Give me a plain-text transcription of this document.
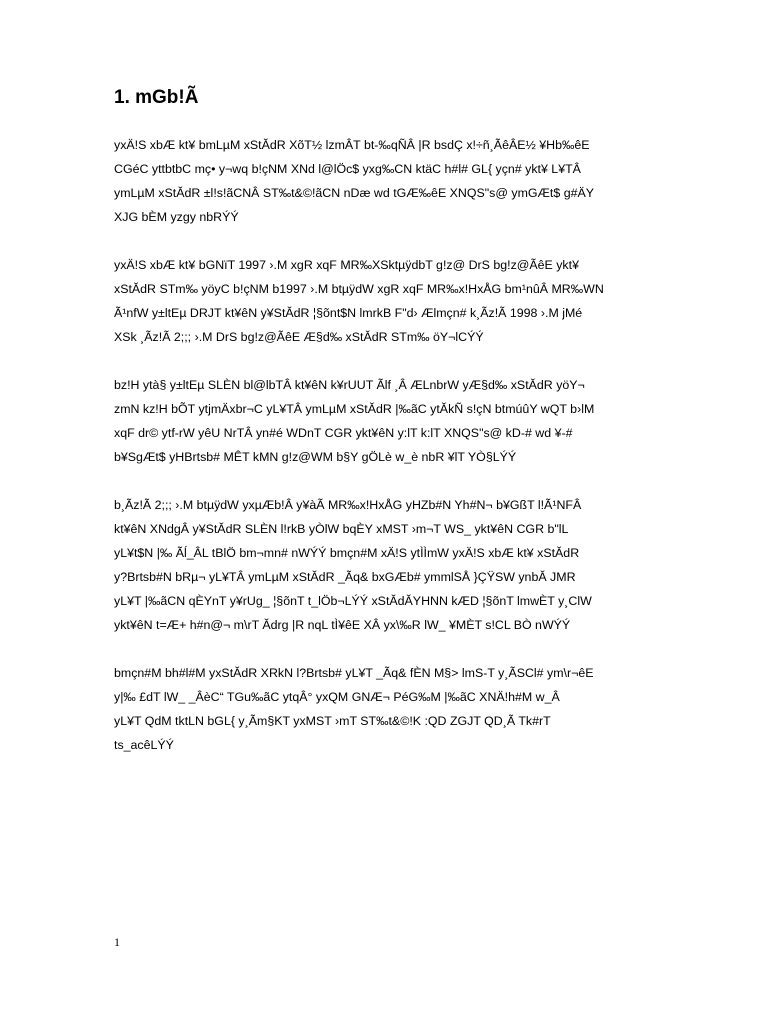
1. mGb!Ã

yxÄ!S xbÆ kt¥ bmLµM xStĂdR XõT½ lzmÂT bt-‰qÑÂ |R bsdÇ x!÷ñ¸ÃêÂE½ ¥Hb‰êE
CGéC yttbtbC mç• y¬wq b!çNM XNd l@lÖc$ yxg‰CN ktäC h#l# GL{ yçn# ykt¥ L¥TÂ
ymLµM xStĂdR ±l!s!ãCNÂ ST‰t&©!ãCN nDæ wd tGÆ‰êE XNQS"s@ ymGÆt$ g#ÄY
XJG bÈM yzgy nbRÝÝ

yxÄ!S xbÆ kt¥ bGNïT 1997 ›.M xgR xqF MR‰XSktµÿdbT g!z@ DrS bg!z@ÃêE ykt¥
xStĂdR STm‰ yöyC b!çNM b1997 ›.M btµÿdW xgR xqF MR‰x!HxÅG bm¹nûÂ MR‰WN
Ã¹nfW y±ltEµ DRJT kt¥êN y¥StĂdR ¦§õnt$N lmrkB F"d› Ælmçn# k¸Ãz!Ã 1998 ›.M jMé
XSk ¸Ãz!Ã 2;;; ›.M DrS bg!z@ÃêE Æ§d‰ xStĂdR STm‰ öY¬lCÝÝ

bz!H ytà§ y±ltEµ SLÈN bl@lbTÂ kt¥êN k¥rUUT Ãlf ¸Â ÆLnbrW yÆ§d‰ xStĂdR yöY¬
zmN kz!H bÕT ytjmÄxbr¬C yL¥TÂ ymLµM xStĂdR |‰ãC ytĂkÑ s!çN btmúûY wQT b›lM
xqF dr© ytf-rW yêU NrTÂ yn#é WDnT CGR ykt¥êN y:lT k:lT XNQS"s@ kD-# wd ¥-#
b¥SgÆt$ yHBrtsb# MÊT kMN g!z@WM b§Y gÖLè w_è nbR ¥lT YÒ§LÝÝ

b¸Ãz!Ã 2;;; ›.M btµÿdW yxµÆb!Â y¥àÃ MR‰x!HxÅG yHZb#N Yh#N¬ b¥GßT l!Ã¹NFÂ
kt¥êN XNdgÂ y¥StĂdR SLÈN l!rkB yÒlW bqÈY xMST ›m¬T WS_ ykt¥êN CGR b"lL
yL¥t$N |‰ Ãĺ_ÂL tBlÖ bm¬mn# nWÝÝ bmçn#M xÄ!S ytÌÌmW yxÄ!S xbÆ kt¥ xStĂdR
y?Brtsb#N bRµ¬ yL¥TÂ ymLµM xStĂdR _Ãq& bxGÆb# ymmlSÅ }ÇŸSW ynbĂ JMR
yL¥T |‰ãCN qÈYnT y¥rUg_ ¦§õnT t_lÖb¬LÝÝ xStĂdĂYHNN kÆD ¦§õnT lmwÈT y¸ClW
ykt¥êN t=Æ+ h#n@¬ m\rT Ădrg |R nqL tÌ¥êE XÂ yx\‰R lW_ ¥MÈT s!CL BÒ nWÝÝ

bmçn#M bh#l#M yxStĂdR XRkN l?Brtsb# yL¥T _Ãq& fÈN M§> lmS-T y¸ÃSCl# ym\r¬êE
y|‰ £dT lW_ _ÂèC“ TGu‰ãC ytqÂ° yxQM GNÆ¬ PéG‰M |‰ãC XNÄ!h#M w_Â
yL¥T QdM tktLN bGL{ y¸Ãm§KT yxMST ›mT ST‰t&©!K :QD ZGJT QD¸Ã Tk#rT
ts_acêLÝÝ

1
